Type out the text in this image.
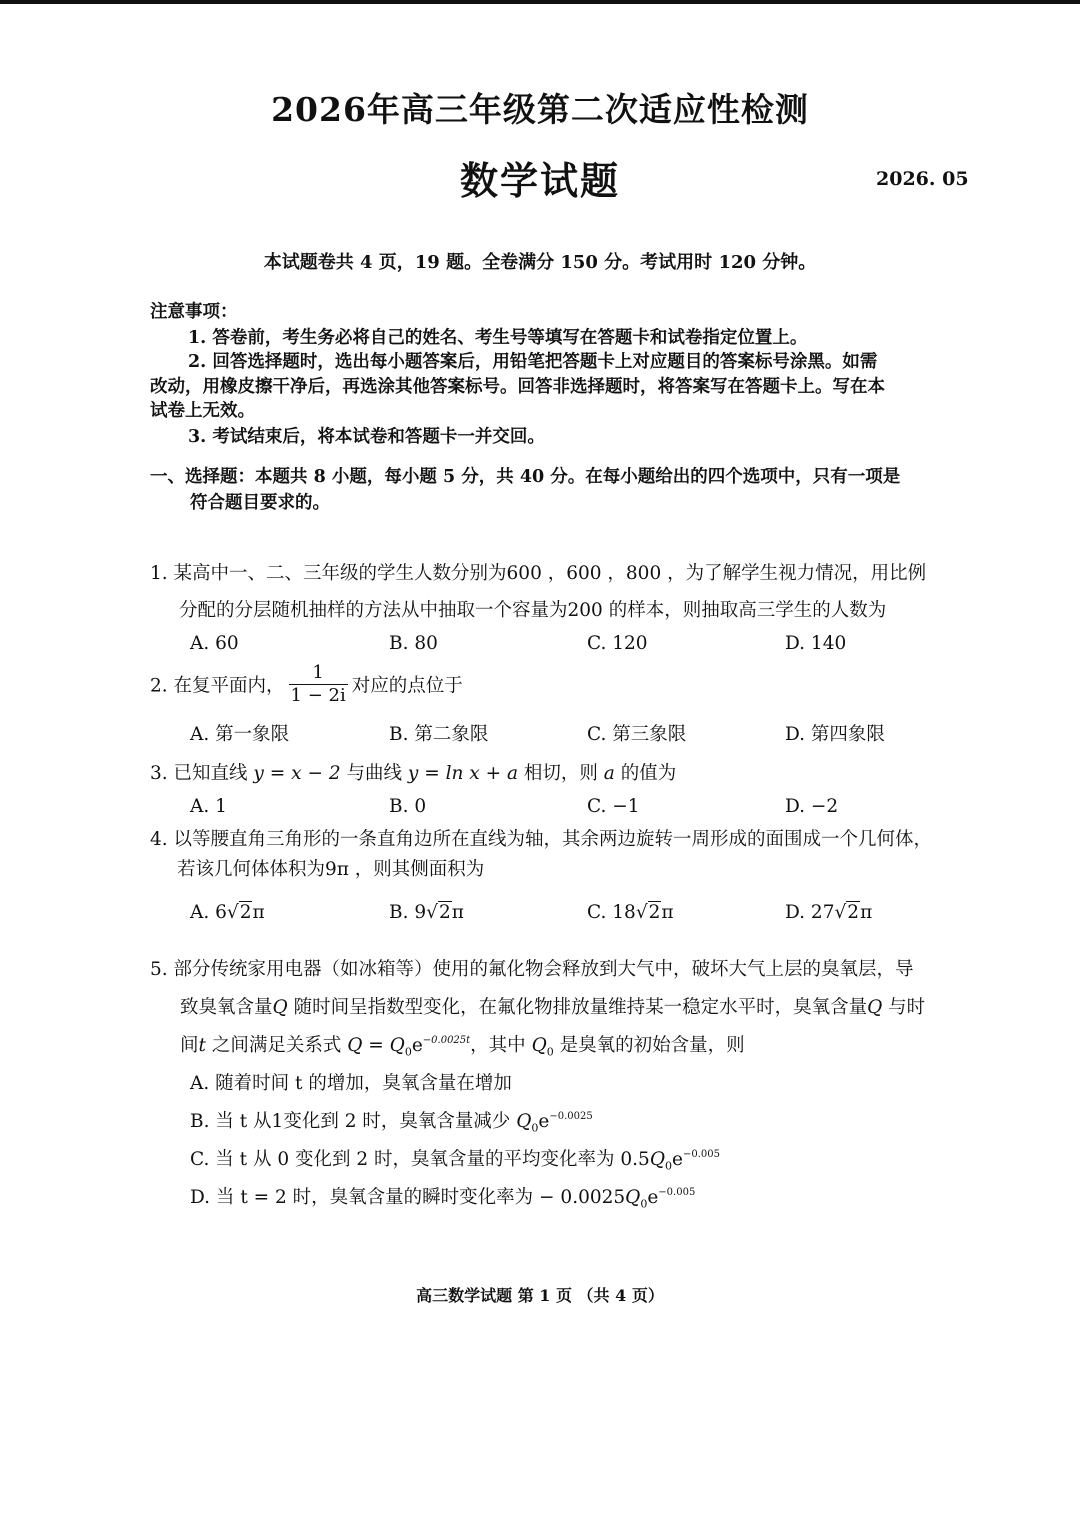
2026年高三年级第二次适应性检测
数学试题	2026. 05
本试题卷共 4 页，19 题。全卷满分 150 分。考试用时 120 分钟。
注意事项：
1. 答卷前，考生务必将自己的姓名、考生号等填写在答题卡和试卷指定位置上。
2. 回答选择题时，选出每小题答案后，用铅笔把答题卡上对应题目的答案标号涂黑。如需
改动，用橡皮擦干净后，再选涂其他答案标号。回答非选择题时，将答案写在答题卡上。写在本
试卷上无效。
3. 考试结束后，将本试卷和答题卡一并交回。
一、选择题：本题共 8 小题，每小题 5 分，共 40 分。在每小题给出的四个选项中，只有一项是
符合题目要求的。
1. 某高中一、二、三年级的学生人数分别为600 ，600 ，800 ，为了解学生视力情况，用比例
分配的分层随机抽样的方法从中抽取一个容量为200 的样本，则抽取高三学生的人数为
A. 60	B. 80	C. 120	D. 140
2. 在复平面内， $\frac{1}{1 - 2i}$ 对应的点位于
A. 第一象限	B. 第二象限	C. 第三象限	D. 第四象限
3. 已知直线 y = x − 2 与曲线 y = ln x + a 相切，则 a 的值为
A. 1	B. 0	C. −1	D. −2
4. 以等腰直角三角形的一条直角边所在直线为轴，其余两边旋转一周形成的面围成一个几何体，
若该几何体体积为9π ，则其侧面积为
A. 6√2π	B. 9√2π	C. 18√2π	D. 27√2π
5. 部分传统家用电器（如冰箱等）使用的氟化物会释放到大气中，破坏大气上层的臭氧层，导
致臭氧含量Q 随时间呈指数型变化，在氟化物排放量维持某一稳定水平时，臭氧含量Q 与时
间t 之间满足关系式 $Q = Q_0e^{-0.0025t}$，其中 $Q_0$ 是臭氧的初始含量，则
A. 随着时间 t 的增加，臭氧含量在增加
B. 当 t 从1变化到 2 时，臭氧含量减少 $Q_0e^{-0.0025}$
C. 当 t 从 0 变化到 2 时，臭氧含量的平均变化率为 $0.5Q_0e^{-0.005}$
D. 当 t = 2 时，臭氧含量的瞬时变化率为 − $0.0025Q_0e^{-0.005}$
高三数学试题 第 1 页 （共 4 页）
